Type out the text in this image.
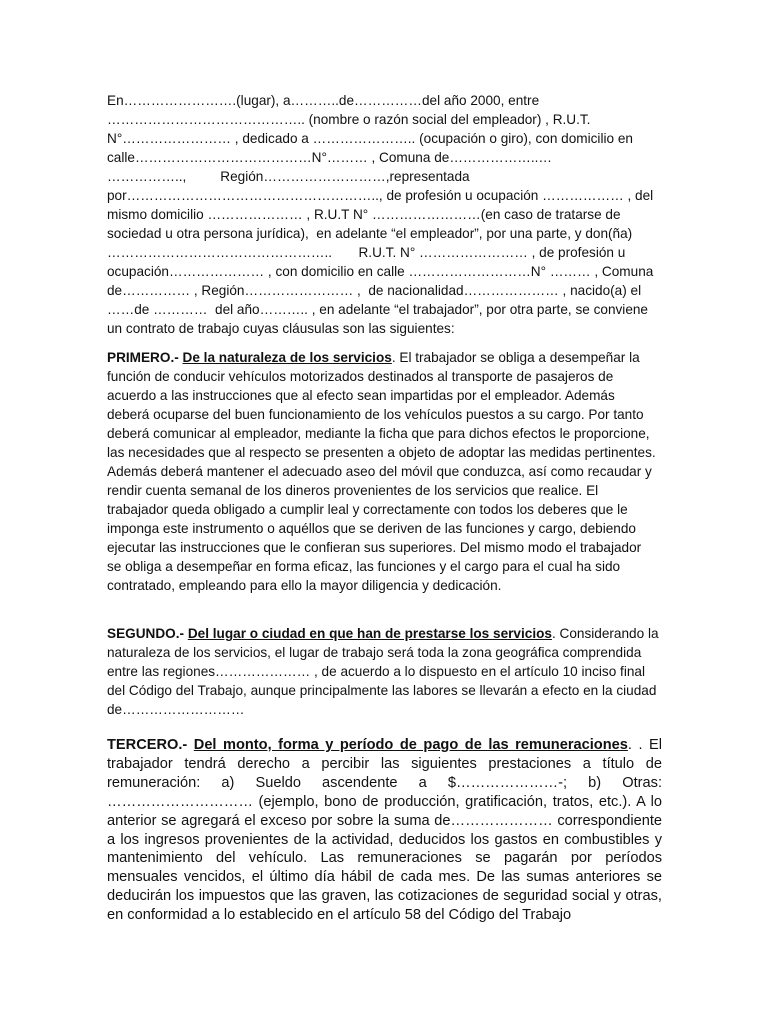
En…………………….(lugar), a………..de……………del año 2000, entre
…………………………………….. (nombre o razón social del empleador) , R.U.T.
N°…………………… , dedicado a ………………….. (ocupación o giro), con domicilio en
calle…………………………………N°……… , Comuna de………………..…
……………..,         Región………………………,representada
por……………………………………………….., de profesión u ocupación ……………… , del
mismo domicilio ………………… , R.U.T N° ……………………(en caso de tratarse de
sociedad u otra persona jurídica),  en adelante “el empleador”, por una parte, y don(ña)
…………………………………………..       R.U.T. N° …………………… , de profesión u
ocupación………………… , con domicilio en calle ………………………N° ……… , Comuna
de…………… , Región…………………… ,  de nacionalidad………………… , nacido(a) el
……de …………  del año……….. , en adelante “el trabajador”, por otra parte, se conviene
un contrato de trabajo cuyas cláusulas son las siguientes:
PRIMERO.- De la naturaleza de los servicios. El trabajador se obliga a desempeñar la función de conducir vehículos motorizados destinados al transporte de pasajeros de acuerdo a las instrucciones que al efecto sean impartidas por el empleador. Además deberá ocuparse del buen funcionamiento de los vehículos puestos a su cargo. Por tanto deberá comunicar al empleador, mediante la ficha que para dichos efectos le proporcione, las necesidades que al respecto se presenten a objeto de adoptar las medidas pertinentes. Además deberá mantener el adecuado aseo del móvil que conduzca, así como recaudar y rendir cuenta semanal de los dineros provenientes de los servicios que realice. El trabajador queda obligado a cumplir leal y correctamente con todos los deberes que le imponga este instrumento o aquéllos que se deriven de las funciones y cargo, debiendo ejecutar las instrucciones que le confieran sus superiores. Del mismo modo el trabajador se obliga a desempeñar en forma eficaz, las funciones y el cargo para el cual ha sido contratado, empleando para ello la mayor diligencia y dedicación.
SEGUNDO.- Del lugar o ciudad en que han de prestarse los servicios. Considerando la naturaleza de los servicios, el lugar de trabajo será toda la zona geográfica comprendida entre las regiones………………… , de acuerdo a lo dispuesto en el artículo 10 inciso final del Código del Trabajo, aunque principalmente las labores se llevarán a efecto en la ciudad de………………………
TERCERO.- Del monto, forma y período de pago de las remuneraciones. . El trabajador tendrá derecho a percibir las siguientes prestaciones a título de remuneración: a) Sueldo ascendente a $…………………-; b) Otras: ………………………… (ejemplo, bono de producción, gratificación, tratos, etc.). A lo anterior se agregará el exceso por sobre la suma de………………… correspondiente a los ingresos provenientes de la actividad, deducidos los gastos en combustibles y mantenimiento del vehículo. Las remuneraciones se pagarán por períodos mensuales vencidos, el último día hábil de cada mes. De las sumas anteriores se deducirán los impuestos que las graven, las cotizaciones de seguridad social y otras, en conformidad a lo establecido en el artículo 58 del Código del Trabajo
